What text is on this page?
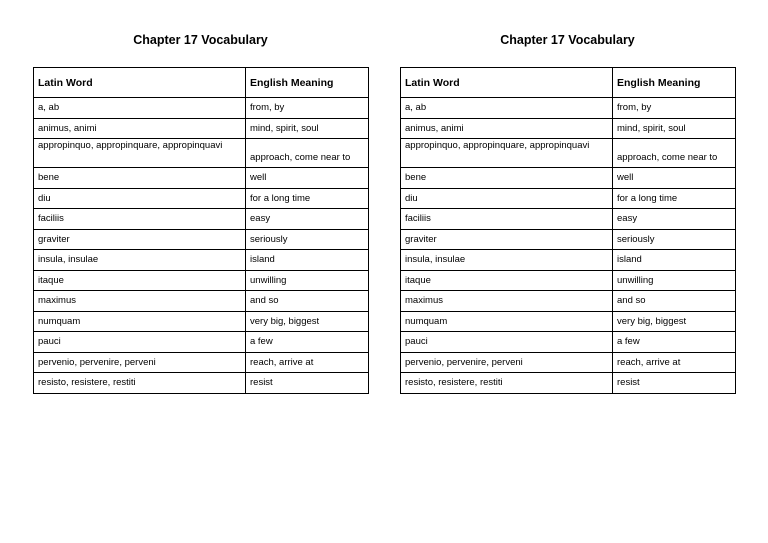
Chapter 17 Vocabulary
Latin Word	English Meaning
a, ab	from, by
animus, animi	mind, spirit, soul
appropinquo, appropinquare, appropinquavi	approach, come near to
bene	well
diu	for a long time
faciliis	easy
graviter	seriously
insula, insulae	island
itaque	unwilling
maximus	and so
numquam	very big, biggest
pauci	a few
pervenio, pervenire, perveni	reach, arrive at
resisto, resistere, restiti	resist
Chapter 17 Vocabulary
Latin Word	English Meaning
a, ab	from, by
animus, animi	mind, spirit, soul
appropinquo, appropinquare, appropinquavi	approach, come near to
bene	well
diu	for a long time
faciliis	easy
graviter	seriously
insula, insulae	island
itaque	unwilling
maximus	and so
numquam	very big, biggest
pauci	a few
pervenio, pervenire, perveni	reach, arrive at
resisto, resistere, restiti	resist
